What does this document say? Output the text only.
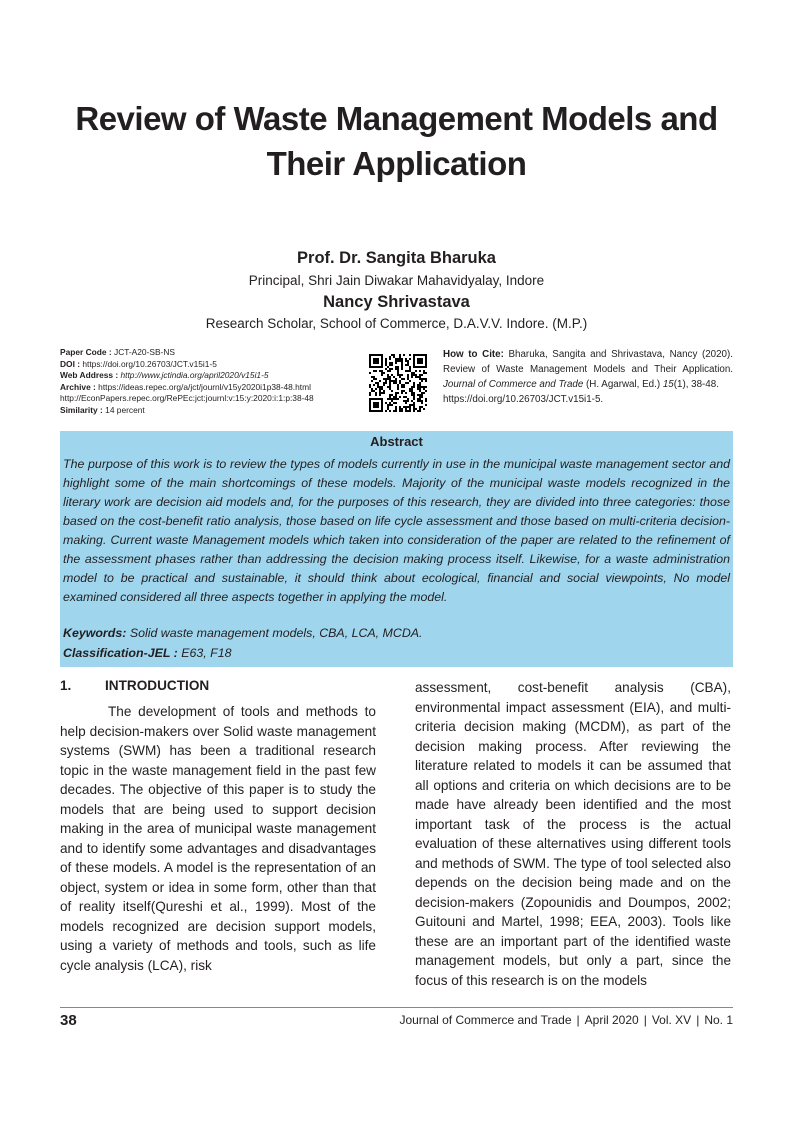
Review of Waste Management Models and
Their Application
Prof. Dr. Sangita Bharuka
Principal, Shri Jain Diwakar Mahavidyalay, Indore
Nancy Shrivastava
Research Scholar, School of Commerce, D.A.V.V. Indore. (M.P.)
Paper Code : JCT-A20-SB-NS
DOI : https://doi.org/10.26703/JCT.v15i1-5
Web Address : http://www.jctindia.org/april2020/v15i1-5
Archive : https://ideas.repec.org/a/jct/journl/v15y2020i1p38-48.html
http://EconPapers.repec.org/RePEc:jct:journl:v:15:y:2020:i:1:p:38-48
Similarity : 14 percent
How to Cite: Bharuka, Sangita and Shrivastava, Nancy (2020). Review of Waste Management Models and Their Application. Journal of Commerce and Trade (H. Agarwal, Ed.) 15(1), 38-48.
https://doi.org/10.26703/JCT.v15i1-5.
Abstract
The purpose of this work is to review the types of models currently in use in the municipal waste management sector and highlight some of the main shortcomings of these models. Majority of the municipal waste models recognized in the literary work are decision aid models and, for the purposes of this research, they are divided into three categories: those based on the cost-benefit ratio analysis, those based on life cycle assessment and those based on multi-criteria decision-making. Current waste Management models which taken into consideration of the paper are related to the refinement of the assessment phases rather than addressing the decision making process itself. Likewise, for a waste administration model to be practical and sustainable, it should think about ecological, financial and social viewpoints, No model examined considered all three aspects together in applying the model.
Keywords: Solid waste management models, CBA, LCA, MCDA.
Classification-JEL : E63, F18
1. INTRODUCTION

The development of tools and methods to help decision-makers over Solid waste management systems (SWM) has been a traditional research topic in the waste management field in the past few decades. The objective of this paper is to study the models that are being used to support decision making in the area of municipal waste management and to identify some advantages and disadvantages of these models. A model is the representation of an object, system or idea in some form, other than that of reality itself(Qureshi et al., 1999). Most of the models recognized are decision support models, using a variety of methods and tools, such as life cycle analysis (LCA), risk

assessment, cost-benefit analysis (CBA), environmental impact assessment (EIA), and multi-criteria decision making (MCDM), as part of the decision making process. After reviewing the literature related to models it can be assumed that all options and criteria on which decisions are to be made have already been identified and the most important task of the process is the actual evaluation of these alternatives using different tools and methods of SWM. The type of tool selected also depends on the decision being made and on the decision-makers (Zopounidis and Doumpos, 2002; Guitouni and Martel, 1998; EEA, 2003). Tools like these are an important part of the identified waste management models, but only a part, since the focus of this research is on the models

38	Journal of Commerce and Trade | April 2020 | Vol. XV | No. 1
